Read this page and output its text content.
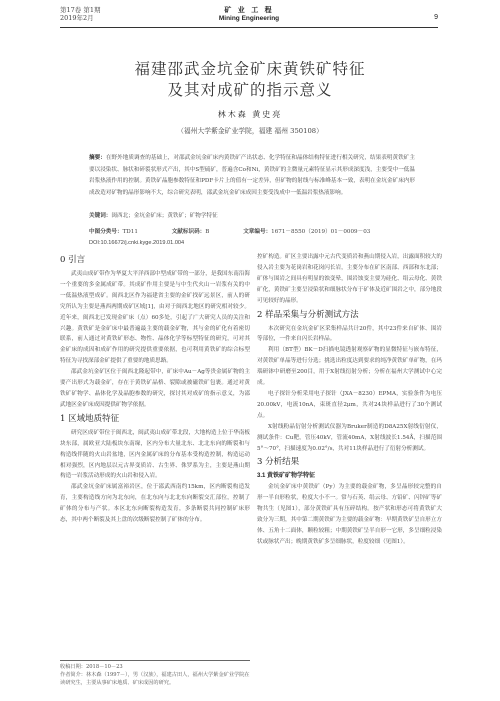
第17卷 第1期
2019年2月
矿 业 工 程
Mining Engineering	9
福建邵武金坑金矿床黄铁矿特征
及其对成矿的指示意义
林木森 黄史亮
（福州大学紫金矿业学院，福建 福州 350108）
摘要：在野外地质调查的基础上，对邵武金坑金矿床内黄铁矿产出状态、化学特征和晶体结构特征进行相关研究，结果表明黄铁矿主要以浸染状、脉状和碎裂状形式产出，其中S型硫矿，普遍含Co和Ni，黄铁矿的主微量元素特征显示其形成深度浅，主要受中一低温岩浆热液作用的控制。黄铁矿晶胞参数特征和PDF卡片上的值有一定差异，但矿物的射线与标准峰基本一致，表明在金坑金矿床内形成改造对矿物的晶形影响不大，综合研究表明，邵武金坑金矿床成因主要受浅成中一低温岩浆热液影响。
关键词：闽西北；金坑金矿床；黄铁矿；矿物学特征
中图分类号：TD11	文献标识码：B	文章编号：1671－8550（2019）01－0009－03
DOI:10.16672/j.cnki.kyge.2019.01.004

0 引言

武夷山成矿带作为华夏大平洋西部中型成矿带的一部分，是我国东南沿海一个重要的多金属成矿带。其成矿作用主要是与中生代火山一岩浆有关的中一低温热液型成矿。闽西北区作为福建省主要的金矿找矿远景区，前人的研究所认为主要是燕西两期成矿区域[1]，由对于闽西北地区的研究相对较少。近年来，闽西北已发现金矿床（点）60多处，引起了广大研究人员的关注和兴趣。黄铁矿是金矿床中最普遍最主要的载金矿物，其与金的矿化有着密切联系，前人通过对黄铁矿形态、物性、晶体化学等标型特征的研究，可对其金矿床的成因和成矿作用的研究提供重要依据，也可利用黄铁矿的综合标型特征为寻找深部金矿提供了重要的地质思路。

邵武金坑金矿区位于闽西北隆起带中，矿床中Au－Ag等贵金属矿物的主要产出形式为载金矿，存在于黄铁矿晶格、裂隙或被磁铁矿包裹。通过对黄铁矿矿物学、晶体化学及晶胞参数的研究，探讨其对成矿的指示意义，为邵武地区金矿床成因提供矿物学依据。

1 区域地质特征

研究区成矿带位于闽西北，闽武夷山成矿带北段，大地构造上位于华南板块东部，属欧亚大陆板块东南缘，区内分布大量北东、北北东向的断裂和与构造线伴随的火山岩盆地，区内金属矿床的分布基本受构造控制，构造运动相对强烈，区内地层以元古界变质岩、古生界、侏罗系为主，主要是燕山期构造一岩浆活动形成的火山岩和侵入岩。

邵武金坑金矿床属富裕岩区，位于邵武西南约15km，区内断裂构造发育，主要构造线方向为北东向，在北东向与北北东向断裂交汇部位，控制了矿体的分布与产状。本区北东向断裂构造发育，多条断裂共同控制矿床形态，其中两个断裂及其上盘的次级断裂控制了矿体的分布。

收稿日期：2018－10－23
作者简介：林木森（1997－），男（汉族），福建古田人，福州大学紫金矿业学院在读研究生，主要从事矿床地质、矿床成因的研究。

控矿构造。矿区主要出露中元古代变质岩和燕山期侵入岩，出露面积较大的侵入岩主要为花岗岩和花岗闪长岩，主要分布在矿区南部、西部和东北部；矿体与围岩之间具有明显的蚀变晕，围岩蚀变主要为硅化、绢云母化、黄铁矿化，黄铁矿主要呈浸染状和细脉状分布于矿体及近矿围岩之中，部分地段可见较好的晶形。

2 样品采集与分析测试方法

本次研究在金坑金矿区采集样品共计20件，其中23件来自矿体、围岩等部位，一件来自闪长岩样品。

利用（BT型）BK－D扫描电镜透射观察矿物的显微特征与嵌布特征，对黄铁矿单晶等进行分选；挑选出粒度达到要求的纯净黄铁矿单矿物，在玛瑙研钵中研磨至200目，用于X射线衍射分析；分析在福州大学测试中心完成。

电子探针分析采用电子探针（JXA－8230）EPMA，实验条件为电压20.00kV，电流10nA，束斑直径2μm，共对24块样品进行了30个测试点。

X射线粉晶衍射分析测试仪器为Bruker制造的D8A25X射线衍射仪，测试条件：Cu靶，管压40kV，管流40mA，X射线波长1.54Å，扫描范围5°～70°，扫描速度为0.02°/s，共对11块样品进行了衍射分析测试。

3 分析结果

3.1 黄铁矿矿物学特征

金坑金矿床中黄铁矿（Py）为主要的载金矿物，多呈晶形较完整的自形一半自形粒状，粒度大小不一。常与石英、绢云母、方铅矿、闪锌矿等矿物共生（见图1），部分黄铁矿具有压碎结构。按产状和形态可将黄铁矿大致分为三期，其中第二期黄铁矿为主要的载金矿物：早期黄铁矿呈自形立方体、五角十二面体，颗粒较粗；中期黄铁矿呈半自形一它形，多呈细粒浸染状或脉状产出；晚期黄铁矿多呈细脉状，粒度较细（见图1）。
